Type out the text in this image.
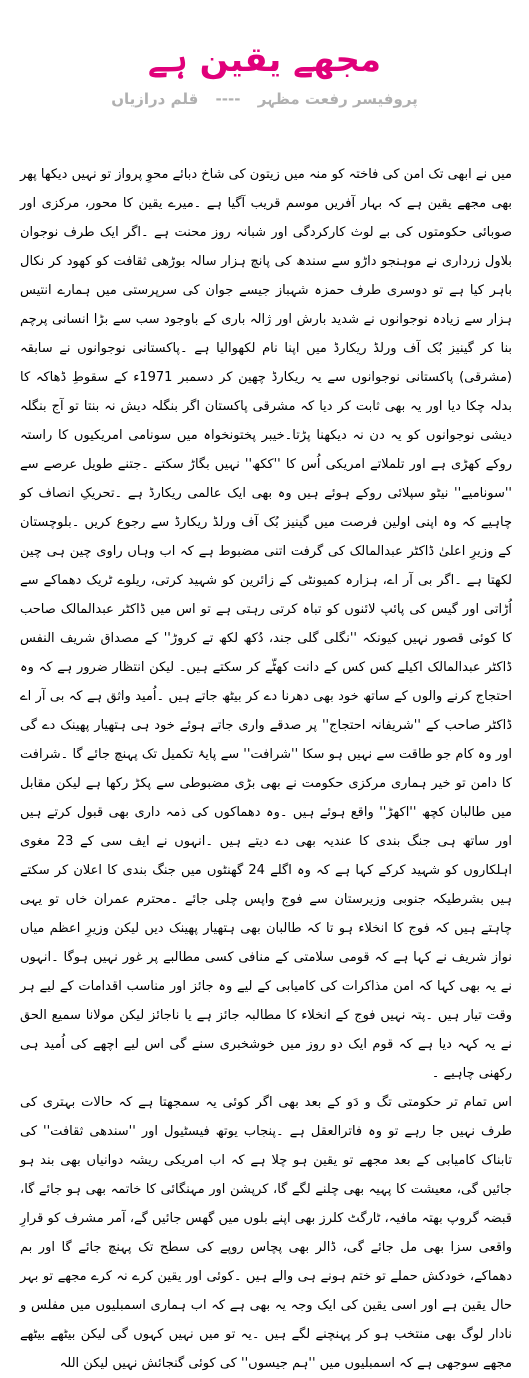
مجھے یقین ہے
پروفیسر رفعت مظہر ---- قلم درازیاں

میں نے ابھی تک امن کی فاختہ کو منہ میں زیتون کی شاخ دبائے محوِ پرواز تو نہیں دیکھا پھر بھی مجھے یقین ہے کہ بہار آفریں موسم قریب آگیا ہے ۔میرے یقین کا محور، مرکزی اور صوبائی حکومتوں کی بے لوث کارکردگی اور شبانہ روز محنت ہے ۔اگر ایک طرف نوجوان بلاول زرداری نے موہنجو داڑو سے سندھ کی پانچ ہزار سالہ بوڑھی ثقافت کو کھود کر نکال باہر کیا ہے تو دوسری طرف حمزہ شہباز جیسے جوان کی سرپرستی میں ہمارے انتیس ہزار سے زیادہ نوجوانوں نے شدید بارش اور ژالہ باری کے باوجود سب سے بڑا انسانی پرچم بنا کر گینیز بُک آف ورلڈ ریکارڈ میں اپنا نام لکھوالیا ہے ۔پاکستانی نوجوانوں نے سابقہ (مشرقی) پاکستانی نوجوانوں سے یہ ریکارڈ چھین کر دسمبر 1971ء کے سقوطِ ڈھاکہ کا بدلہ چکا دیا اور یہ بھی ثابت کر دیا کہ مشرقی پاکستان اگر بنگلہ دیش نہ بنتا تو آج بنگلہ دیشی نوجوانوں کو یہ دن نہ دیکھنا پڑتا۔خیبر پختونخواہ میں سونامی امریکیوں کا راستہ روکے کھڑی ہے اور تلملاتے امریکی اُس کا ''ککھ'' نہیں بگاڑ سکتے ۔جتنے طویل عرصے سے ''سونامیے'' نیٹو سپلائی روکے ہوئے ہیں وہ بھی ایک عالمی ریکارڈ ہے ۔تحریکِ انصاف کو چاہیے کہ وہ اپنی اولین فرصت میں گینیز بُک آف ورلڈ ریکارڈ سے رجوع کریں ۔بلوچستان کے وزیرِ اعلیٰ ڈاکٹر عبدالمالک کی گرفت اتنی مضبوط ہے کہ اب وہاں راوی چین ہی چین لکھتا ہے ۔اگر بی آر اے، ہزارہ کمیونٹی کے زائرین کو شہید کرتی، ریلوے ٹریک دھماکے سے اُڑاتی اور گیس کی پائپ لائنوں کو تباہ کرتی رہتی ہے تو اس میں ڈاکٹر عبدالمالک صاحب کا کوئی قصور نہیں کیونکہ ''نگلی گلی جند، دُکھ لکھ تے کروڑ'' کے مصداق شریف النفس ڈاکٹر عبدالمالک اکیلے کس کس کے دانت کھٹّے کر سکتے ہیں۔ لیکن انتظار ضرور ہے کہ وہ احتجاج کرنے والوں کے ساتھ خود بھی دھرنا دے کر بیٹھ جاتے ہیں ۔اُمید واثق ہے کہ بی آر اے ڈاکٹر صاحب کے ''شریفانہ احتجاج'' پر صدقے واری جاتے ہوئے خود ہی ہتھیار پھینک دے گی اور وہ کام جو طاقت سے نہیں ہو سکا ''شرافت'' سے پایۂ تکمیل تک پہنچ جائے گا ۔شرافت کا دامن تو خیر ہماری مرکزی حکومت نے بھی بڑی مضبوطی سے پکڑ رکھا ہے لیکن مقابل میں طالبان کچھ ''اکھڑ'' واقع ہوئے ہیں ۔وہ دھماکوں کی ذمہ داری بھی قبول کرتے ہیں اور ساتھ ہی جنگ بندی کا عندیہ بھی دے دیتے ہیں ۔انہوں نے ایف سی کے 23 مغوی اہلکاروں کو شہید کرکے کہا ہے کہ وہ اگلے 24 گھنٹوں میں جنگ بندی کا اعلان کر سکتے ہیں بشرطیکہ جنوبی وزیرستان سے فوج واپس چلی جائے ۔محترم عمران خاں تو یہی چاہتے ہیں کہ فوج کا انخلاء ہو تا کہ طالبان بھی ہتھیار پھینک دیں لیکن وزیرِ اعظم میاں نواز شریف نے کہا ہے کہ قومی سلامتی کے منافی کسی مطالبے پر غور نہیں ہوگا ۔انہوں نے یہ بھی کہا کہ امن مذاکرات کی کامیابی کے لیے وہ جائز اور مناسب اقدامات کے لیے ہر وقت تیار ہیں ۔پتہ نہیں فوج کے انخلاء کا مطالبہ جائز ہے یا ناجائز لیکن مولانا سمیع الحق نے یہ کہہ دیا ہے کہ قوم ایک دو روز میں خوشخبری سنے گی اس لیے اچھے کی اُمید ہی رکھنی چاہیے ۔

اس تمام تر حکومتی تگ و دَو کے بعد بھی اگر کوئی یہ سمجھتا ہے کہ حالات بہتری کی طرف نہیں جا رہے تو وہ فاترالعقل ہے ۔پنجاب یوتھ فیسٹیول اور ''سندھی ثقافت'' کی تابناک کامیابی کے بعد مجھے تو یقین ہو چلا ہے کہ اب امریکی ریشہ دوانیاں بھی بند ہو جائیں گی، معیشت کا پہیہ بھی چلنے لگے گا، کرپشن اور مہنگائی کا خاتمہ بھی ہو جائے گا، قبضہ گروپ بھتہ مافیہ، ٹارگٹ کلرز بھی اپنے بلوں میں گھس جائیں گے، آمر مشرف کو قرارِ واقعی سزا بھی مل جائے گی، ڈالر بھی پچاس روپے کی سطح تک پہنچ جائے گا اور بم دھماکے، خودکش حملے تو ختم ہونے ہی والے ہیں ۔کوئی اور یقین کرے نہ کرے مجھے تو بہر حال یقین ہے اور اسی یقین کی ایک وجہ یہ بھی ہے کہ اب ہماری اسمبلیوں میں مفلس و نادار لوگ بھی منتخب ہو کر پہنچنے لگے ہیں ۔یہ تو میں نہیں کہوں گی لیکن بیٹھے بیٹھے مجھے سوجھی ہے کہ اسمبلیوں میں ''ہم جیسوں'' کی کوئی گنجائش نہیں لیکن اللہ
